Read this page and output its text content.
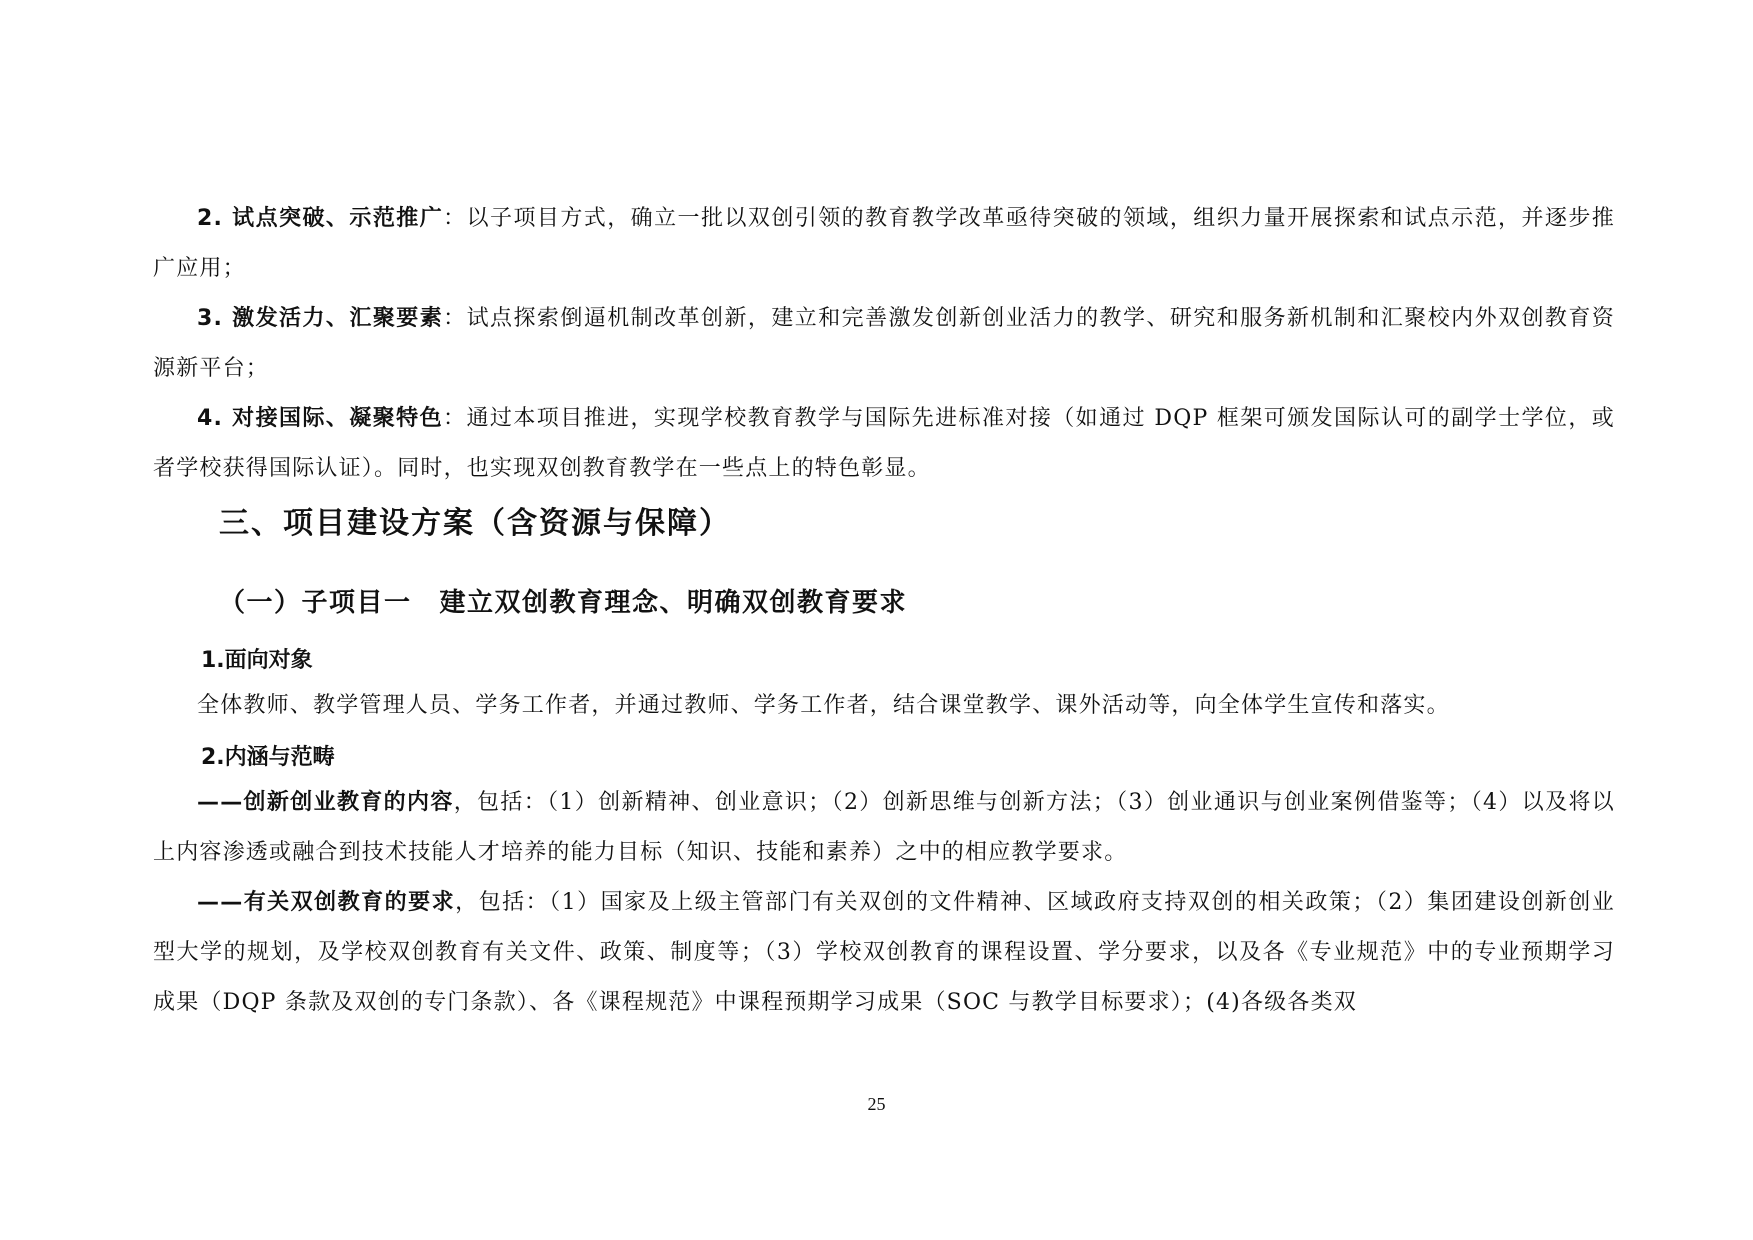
2. 试点突破、示范推广：以子项目方式，确立一批以双创引领的教育教学改革亟待突破的领域，组织力量开展探索和试点示范，并逐步推广应用；

3. 激发活力、汇聚要素：试点探索倒逼机制改革创新，建立和完善激发创新创业活力的教学、研究和服务新机制和汇聚校内外双创教育资源新平台；

4. 对接国际、凝聚特色：通过本项目推进，实现学校教育教学与国际先进标准对接（如通过 DQP 框架可颁发国际认可的副学士学位，或者学校获得国际认证）。同时，也实现双创教育教学在一些点上的特色彰显。

三、项目建设方案（含资源与保障）
（一）子项目一 建立双创教育理念、明确双创教育要求

1.面向对象

全体教师、教学管理人员、学务工作者，并通过教师、学务工作者，结合课堂教学、课外活动等，向全体学生宣传和落实。

2.内涵与范畴

——创新创业教育的内容，包括：（1）创新精神、创业意识；（2）创新思维与创新方法；（3）创业通识与创业案例借鉴等；（4）以及将以上内容渗透或融合到技术技能人才培养的能力目标（知识、技能和素养）之中的相应教学要求。

——有关双创教育的要求，包括：（1）国家及上级主管部门有关双创的文件精神、区域政府支持双创的相关政策；（2）集团建设创新创业型大学的规划，及学校双创教育有关文件、政策、制度等；（3）学校双创教育的课程设置、学分要求，以及各《专业规范》中的专业预期学习成果（DQP 条款及双创的专门条款）、各《课程规范》中课程预期学习成果（SOC 与教学目标要求）；(4)各级各类双

25
